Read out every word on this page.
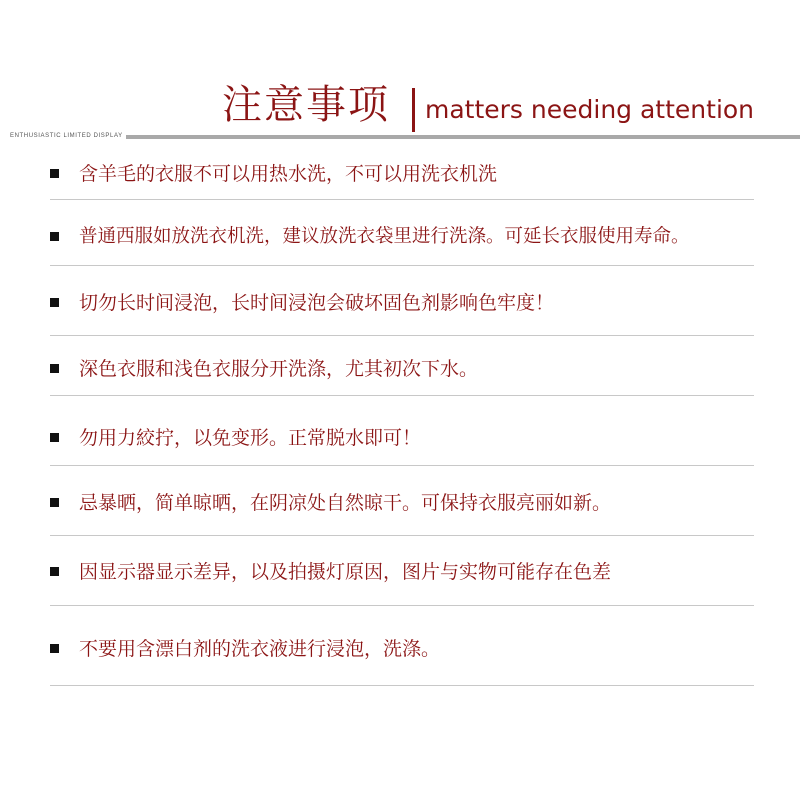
注意事项 matters needing attention
ENTHUSIASTIC LIMITED DISPLAY
含羊毛的衣服不可以用热水洗，不可以用洗衣机洗
普通西服如放洗衣机洗，建议放洗衣袋里进行洗涤。可延长衣服使用寿命。
切勿长时间浸泡，长时间浸泡会破坏固色剂影响色牢度！
深色衣服和浅色衣服分开洗涤，尤其初次下水。
勿用力絞拧，以免变形。正常脱水即可！
忌暴晒，简单晾晒，在阴凉处自然晾干。可保持衣服亮丽如新。
因显示器显示差异，以及拍摄灯原因，图片与实物可能存在色差
不要用含漂白剂的洗衣液进行浸泡，洗涤。
